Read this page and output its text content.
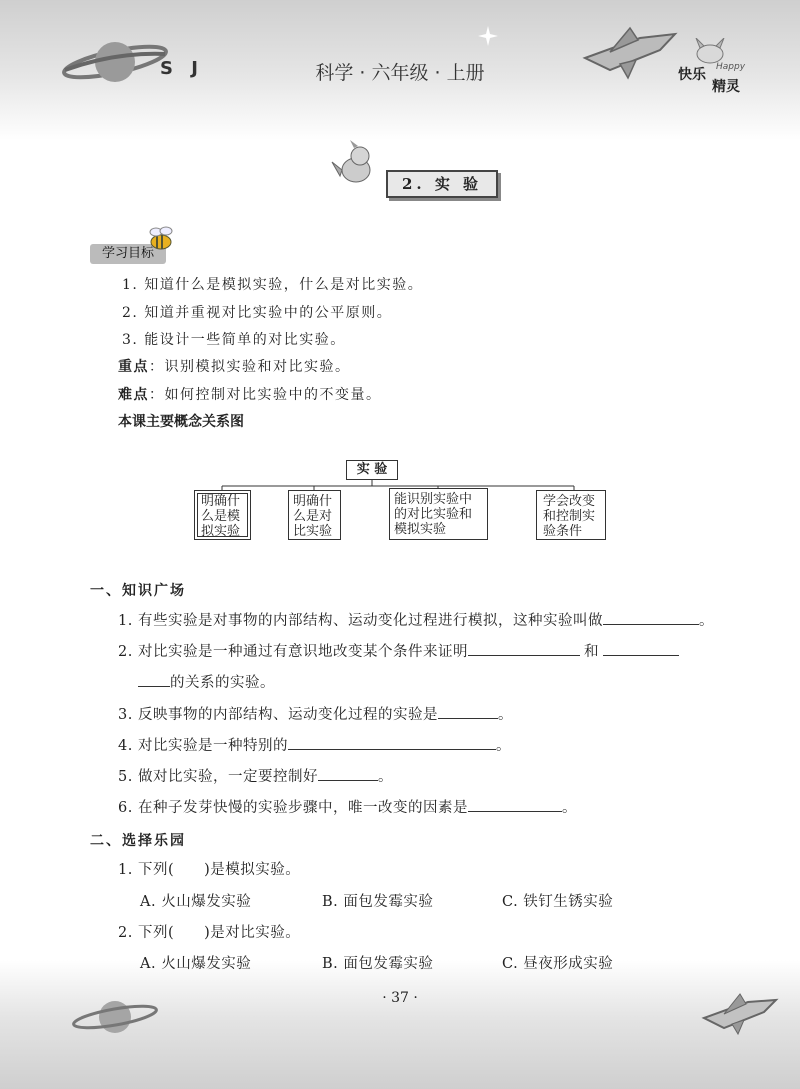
快乐 Happy
精灵
S J	科学 · 六年级 · 上册
2. 实 验
学习目标
1. 知道什么是模拟实验，什么是对比实验。
2. 知道并重视对比实验中的公平原则。
3. 能设计一些简单的对比实验。
重点：识别模拟实验和对比实验。
难点：如何控制对比实验中的不变量。
本课主要概念关系图
实 验
明确什么是模拟实验
明确什么是对比实验
能识别实验中的对比实验和模拟实验
学会改变和控制实验条件
一、知识广场
1. 有些实验是对事物的内部结构、运动变化过程进行模拟，这种实验叫做	。
2. 对比实验是一种通过有意识地改变某个条件来证明	和
的关系的实验。
3. 反映事物的内部结构、运动变化过程的实验是	。
4. 对比实验是一种特别的	。
5. 做对比实验，一定要控制好	。
6. 在种子发芽快慢的实验步骤中，唯一改变的因素是	。
二、选择乐园
1. 下列(　　)是模拟实验。
A. 火山爆发实验	B. 面包发霉实验	C. 铁钉生锈实验
2. 下列(　　)是对比实验。
A. 火山爆发实验	B. 面包发霉实验	C. 昼夜形成实验
· 37 ·
